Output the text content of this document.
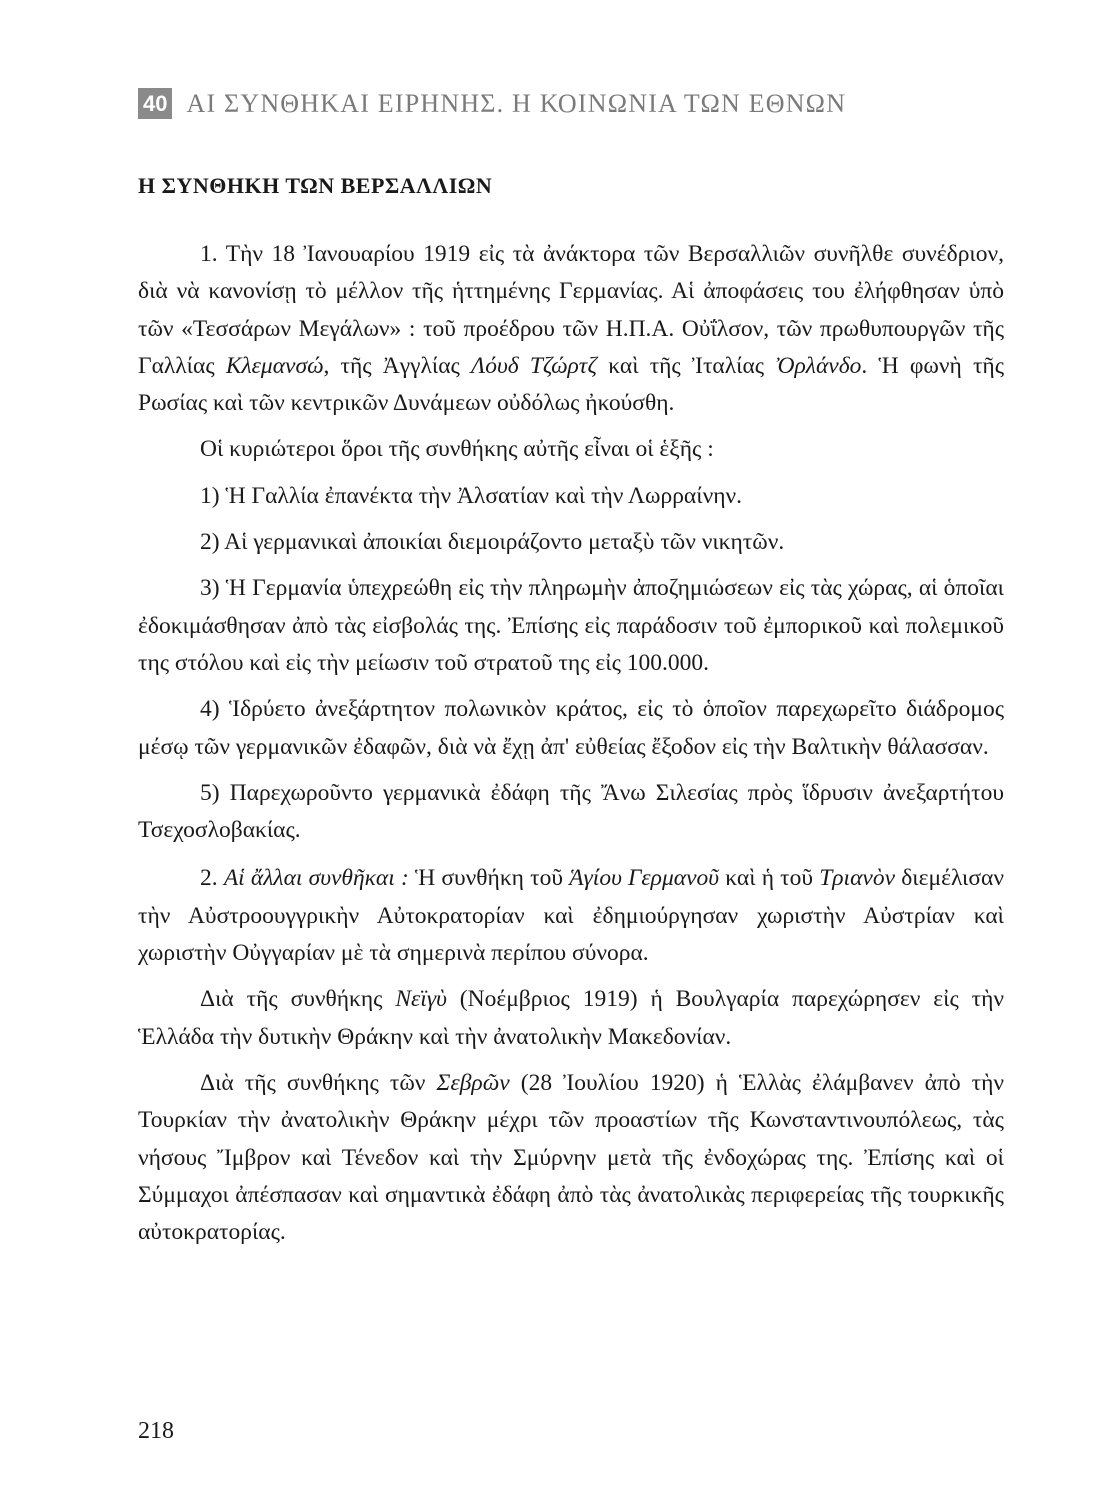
40 ΑΙ ΣΥΝΘΗΚΑΙ ΕΙΡΗΝΗΣ. Η ΚΟΙΝΩΝΙΑ ΤΩΝ ΕΘΝΩΝ
Η ΣΥΝΘΗΚΗ ΤΩΝ ΒΕΡΣΑΛΛΙΩΝ

1. Τὴν 18 Ἰανουαρίου 1919 εἰς τὰ ἀνάκτορα τῶν Βερσαλλιῶν συνῆλθε συνέδριον, διὰ νὰ κανονίσῃ τὸ μέλλον τῆς ἡττημένης Γερμανίας. Αἱ ἀποφάσεις του ἐλήφθησαν ὑπὸ τῶν «Τεσσάρων Μεγάλων» : τοῦ προέδρου τῶν Η.Π.Α. Οὐΐλσον, τῶν πρωθυπουργῶν τῆς Γαλλίας Κλεμανσώ, τῆς Ἀγγλίας Λόυδ Τζώρτζ καὶ τῆς Ἰταλίας Ὀρλάνδο. Ἡ φωνὴ τῆς Ρωσίας καὶ τῶν κεντρικῶν Δυνάμεων οὐδόλως ἠκούσθη.

Οἱ κυριώτεροι ὅροι τῆς συνθήκης αὐτῆς εἶναι οἱ ἑξῆς :

1) Ἡ Γαλλία ἐπανέκτα τὴν Ἀλσατίαν καὶ τὴν Λωρραίνην.

2) Αἱ γερμανικαὶ ἀποικίαι διεμοιράζοντο μεταξὺ τῶν νικητῶν.

3) Ἡ Γερμανία ὑπεχρεώθη εἰς τὴν πληρωμὴν ἀποζημιώσεων εἰς τὰς χώρας, αἱ ὁποῖαι ἐδοκιμάσθησαν ἀπὸ τὰς εἰσβολάς της. Ἐπίσης εἰς παράδοσιν τοῦ ἐμπορικοῦ καὶ πολεμικοῦ της στόλου καὶ εἰς τὴν μείωσιν τοῦ στρατοῦ της εἰς 100.000.

4) Ἱδρύετο ἀνεξάρτητον πολωνικὸν κράτος, εἰς τὸ ὁποῖον παρεχωρεῖτο διάδρομος μέσῳ τῶν γερμανικῶν ἐδαφῶν, διὰ νὰ ἔχῃ ἀπ' εὐθείας ἔξοδον εἰς τὴν Βαλτικὴν θάλασσαν.

5) Παρεχωροῦντο γερμανικὰ ἐδάφη τῆς Ἄνω Σιλεσίας πρὸς ἵδρυσιν ἀνεξαρτήτου Τσεχοσλοβακίας.

2. Αἱ ἄλλαι συνθῆκαι : Ἡ συνθήκη τοῦ Ἁγίου Γερμανοῦ καὶ ἡ τοῦ Τριανὸν διεμέλισαν τὴν Αὐστροουγγρικὴν Αὐτοκρατορίαν καὶ ἐδημιούργησαν χωριστὴν Αὐστρίαν καὶ χωριστὴν Οὐγγαρίαν μὲ τὰ σημερινὰ περίπου σύνορα.

Διὰ τῆς συνθήκης Νεϊγὺ (Νοέμβριος 1919) ἡ Βουλγαρία παρεχώρησεν εἰς τὴν Ἑλλάδα τὴν δυτικὴν Θράκην καὶ τὴν ἀνατολικὴν Μακεδονίαν.

Διὰ τῆς συνθήκης τῶν Σεβρῶν (28 Ἰουλίου 1920) ἡ Ἑλλὰς ἐλάμβανεν ἀπὸ τὴν Τουρκίαν τὴν ἀνατολικὴν Θράκην μέχρι τῶν προαστίων τῆς Κωνσταντινουπόλεως, τὰς νήσους Ἴμβρον καὶ Τένεδον καὶ τὴν Σμύρνην μετὰ τῆς ἐνδοχώρας της. Ἐπίσης καὶ οἱ Σύμμαχοι ἀπέσπασαν καὶ σημαντικὰ ἐδάφη ἀπὸ τὰς ἀνατολικὰς περιφερείας τῆς τουρκικῆς αὐτοκρατορίας.

218
